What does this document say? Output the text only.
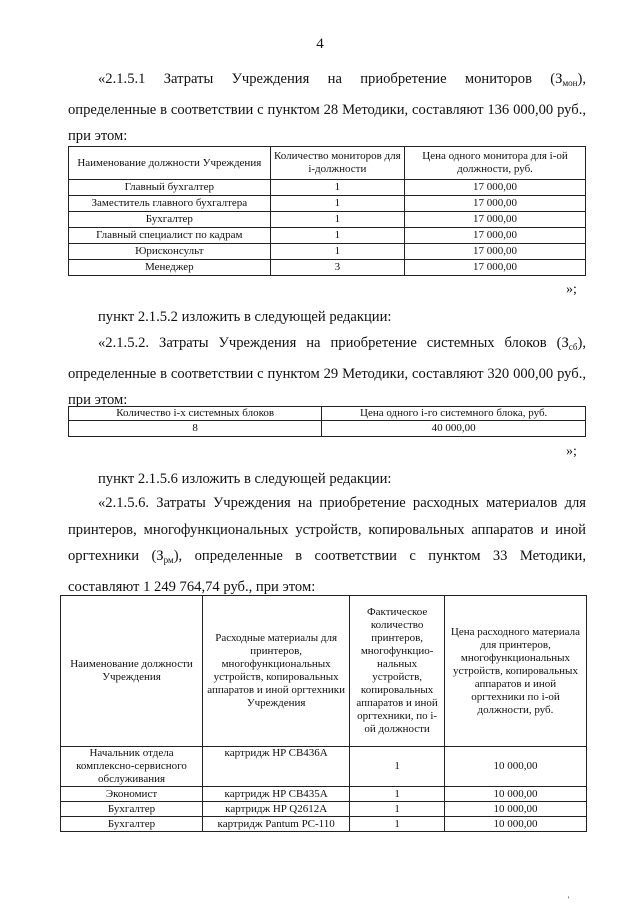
4

«2.1.5.1 Затраты Учреждения на приобретение мониторов $(З_{мон})$, определенные в соответствии с пунктом 28 Методики, составляют 136 000,00 руб., при этом:

Наименование должности Учреждения	Количество мониторов для i-должности	Цена одного монитора для i-ой должности, руб.
Главный бухгалтер	1	17 000,00
Заместитель главного бухгалтера	1	17 000,00
Бухгалтер	1	17 000,00
Главный специалист по кадрам	1	17 000,00
Юрисконсульт	1	17 000,00
Менеджер	3	17 000,00
»;

пункт 2.1.5.2 изложить в следующей редакции:

«2.1.5.2. Затраты Учреждения на приобретение системных блоков $(З_{сб})$, определенные в соответствии с пунктом 29 Методики, составляют 320 000,00 руб., при этом:

Количество i-х системных блоков	Цена одного i-го системного блока, руб.
8	40 000,00
»;

пункт 2.1.5.6 изложить в следующей редакции:

«2.1.5.6. Затраты Учреждения на приобретение расходных материалов для принтеров, многофункциональных устройств, копировальных аппаратов и иной оргтехники $(З_{рм})$, определенные в соответствии с пунктом 33 Методики, составляют 1 249 764,74 руб., при этом:

Наименование должности Учреждения	Расходные материалы для принтеров, многофункциональных устройств, копировальных аппаратов и иной оргтехники Учреждения	Фактическое количество принтеров, многофункцио-нальных устройств, копировальных аппаратов и иной оргтехники, по i-ой должности	Цена расходного материала для принтеров, многофункциональных устройств, копировальных аппаратов и иной оргтехники по i-ой должности, руб.
Начальник отдела комплексно-сервисного обслуживания	картридж HP CB436A	1	10 000,00
Экономист	картридж HP CB435A	1	10 000,00
Бухгалтер	картридж HP Q2612A	1	10 000,00
Бухгалтер	картридж Pantum PC-110	1	10 000,00
'
